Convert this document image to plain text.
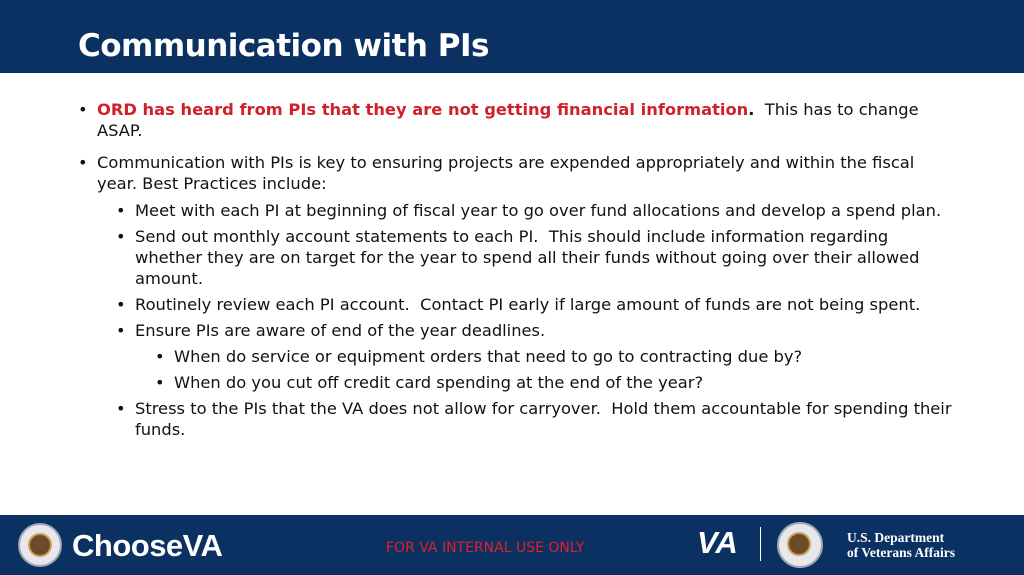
Communication with PIs
• ORD has heard from PIs that they are not getting financial information.  This has to change ASAP.
• Communication with PIs is key to ensuring projects are expended appropriately and within the fiscal year. Best Practices include:
• Meet with each PI at beginning of fiscal year to go over fund allocations and develop a spend plan.
• Send out monthly account statements to each PI.  This should include information regarding whether they are on target for the year to spend all their funds without going over their allowed amount.
• Routinely review each PI account.  Contact PI early if large amount of funds are not being spent.
• Ensure PIs are aware of end of the year deadlines.
• When do service or equipment orders that need to go to contracting due by?
• When do you cut off credit card spending at the end of the year?
• Stress to the PIs that the VA does not allow for carryover.  Hold them accountable for spending their funds.
ChooseVA	FOR VA INTERNAL USE ONLY	VA	U.S. Department
of Veterans Affairs
